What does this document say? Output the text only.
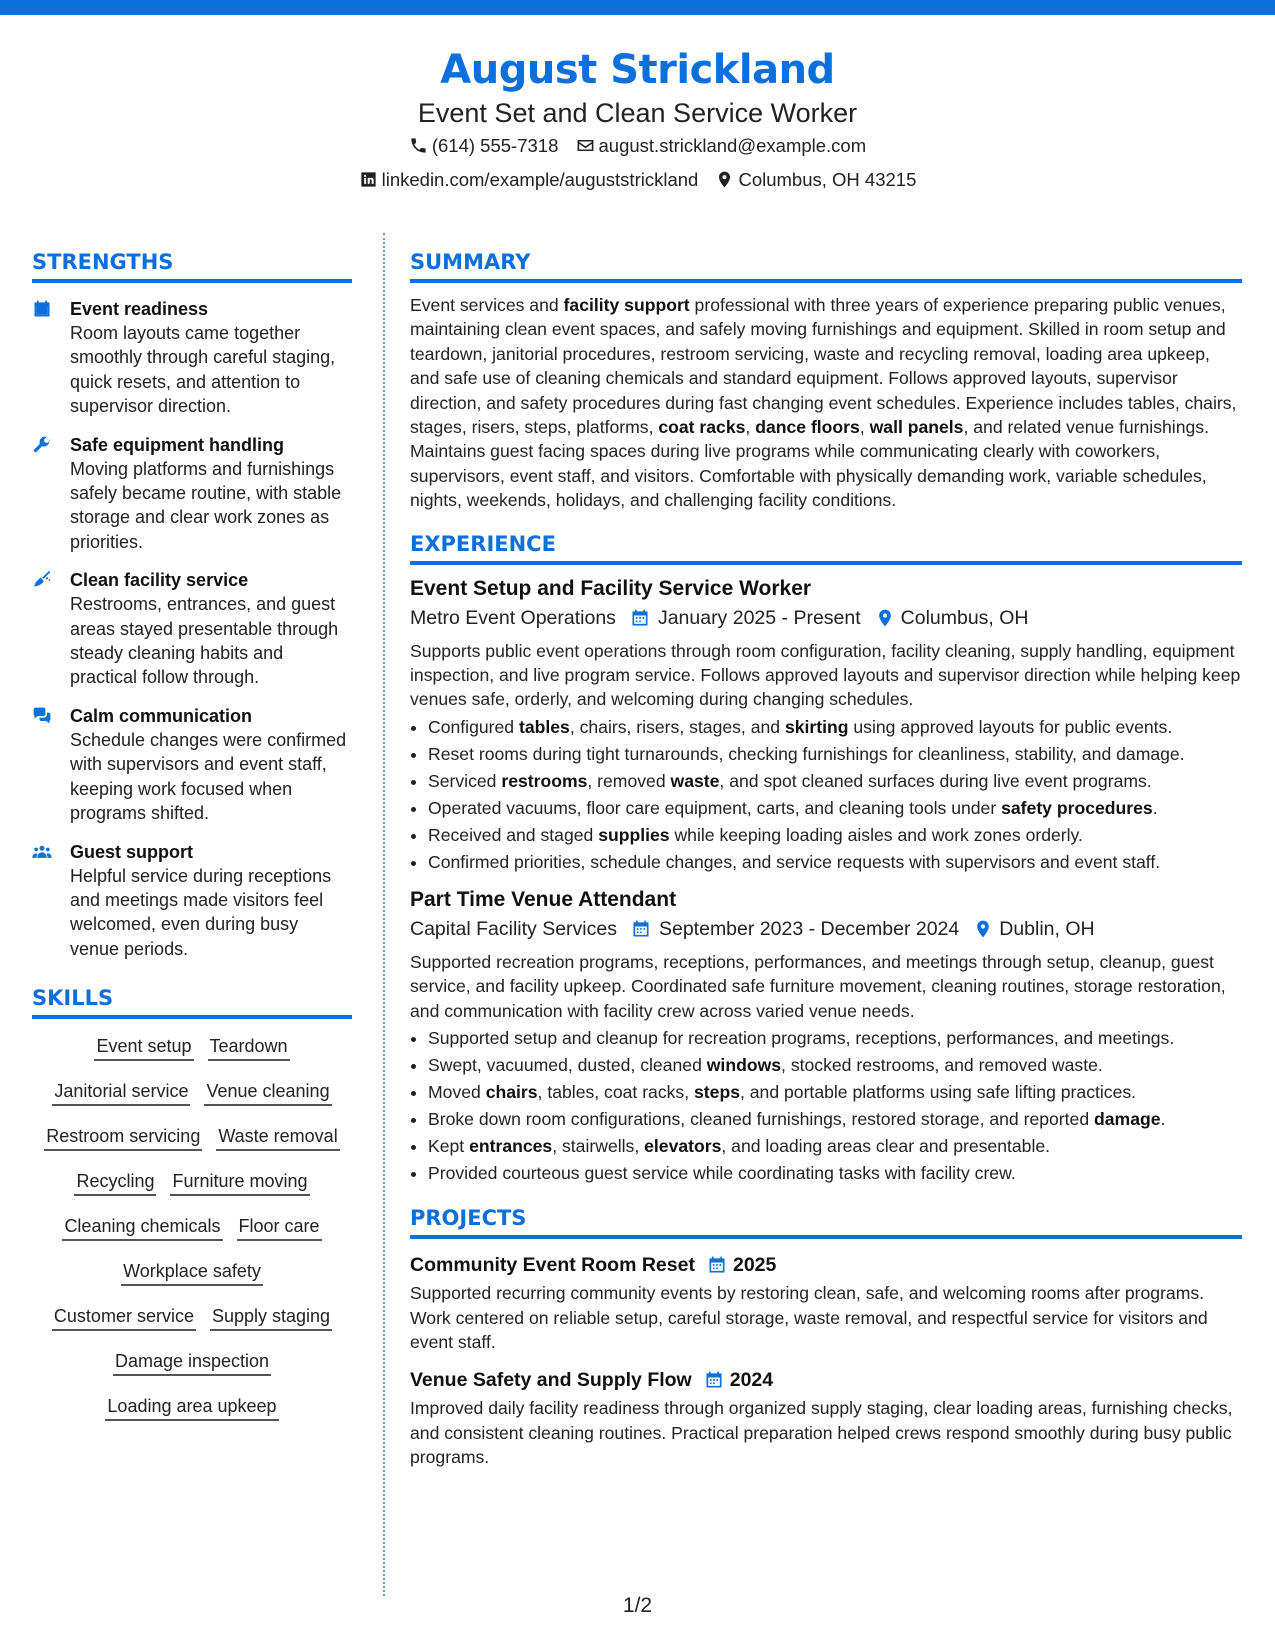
August Strickland
Event Set and Clean Service Worker
(614) 555-7318
august.strickland@example.com
linkedin.com/example/auguststrickland
Columbus, OH 43215
STRENGTHS
Event readiness
Room layouts came together smoothly through careful staging, quick resets, and attention to supervisor direction.
Safe equipment handling
Moving platforms and furnishings safely became routine, with stable storage and clear work zones as priorities.
Clean facility service
Restrooms, entrances, and guest areas stayed presentable through steady cleaning habits and practical follow through.
Calm communication
Schedule changes were confirmed with supervisors and event staff, keeping work focused when programs shifted.
Guest support
Helpful service during receptions and meetings made visitors feel welcomed, even during busy venue periods.
SKILLS
Event setup Teardown
Janitorial service Venue cleaning
Restroom servicing Waste removal
Recycling Furniture moving
Cleaning chemicals Floor care
Workplace safety
Customer service Supply staging
Damage inspection
Loading area upkeep
SUMMARY
Event services and facility support professional with three years of experience preparing public venues, maintaining clean event spaces, and safely moving furnishings and equipment. Skilled in room setup and teardown, janitorial procedures, restroom servicing, waste and recycling removal, loading area upkeep, and safe use of cleaning chemicals and standard equipment. Follows approved layouts, supervisor direction, and safety procedures during fast changing event schedules. Experience includes tables, chairs, stages, risers, steps, platforms, coat racks, dance floors, wall panels, and related venue furnishings. Maintains guest facing spaces during live programs while communicating clearly with coworkers, supervisors, event staff, and visitors. Comfortable with physically demanding work, variable schedules, nights, weekends, holidays, and challenging facility conditions.
EXPERIENCE
Event Setup and Facility Service Worker
Metro Event Operations January 2025 - Present Columbus, OH
Supports public event operations through room configuration, facility cleaning, supply handling, equipment inspection, and live program service. Follows approved layouts and supervisor direction while helping keep venues safe, orderly, and welcoming during changing schedules.
• Configured tables, chairs, risers, stages, and skirting using approved layouts for public events.
• Reset rooms during tight turnarounds, checking furnishings for cleanliness, stability, and damage.
• Serviced restrooms, removed waste, and spot cleaned surfaces during live event programs.
• Operated vacuums, floor care equipment, carts, and cleaning tools under safety procedures.
• Received and staged supplies while keeping loading aisles and work zones orderly.
• Confirmed priorities, schedule changes, and service requests with supervisors and event staff.
Part Time Venue Attendant
Capital Facility Services September 2023 - December 2024 Dublin, OH
Supported recreation programs, receptions, performances, and meetings through setup, cleanup, guest service, and facility upkeep. Coordinated safe furniture movement, cleaning routines, storage restoration, and communication with facility crew across varied venue needs.
• Supported setup and cleanup for recreation programs, receptions, performances, and meetings.
• Swept, vacuumed, dusted, cleaned windows, stocked restrooms, and removed waste.
• Moved chairs, tables, coat racks, steps, and portable platforms using safe lifting practices.
• Broke down room configurations, cleaned furnishings, restored storage, and reported damage.
• Kept entrances, stairwells, elevators, and loading areas clear and presentable.
• Provided courteous guest service while coordinating tasks with facility crew.
PROJECTS
Community Event Room Reset 2025
Supported recurring community events by restoring clean, safe, and welcoming rooms after programs. Work centered on reliable setup, careful storage, waste removal, and respectful service for visitors and event staff.
Venue Safety and Supply Flow 2024
Improved daily facility readiness through organized supply staging, clear loading areas, furnishing checks, and consistent cleaning routines. Practical preparation helped crews respond smoothly during busy public programs.
1/2
